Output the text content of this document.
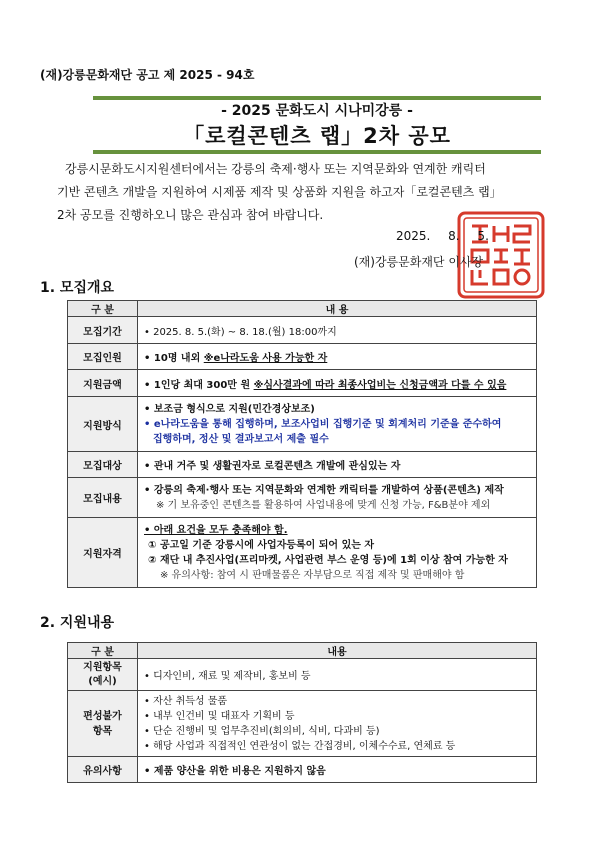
(재)강릉문화재단 공고 제 2025 - 94호
- 2025 문화도시 시나미강릉 -
「로컬콘텐츠 랩」2차 공모
강릉시문화도시지원센터에서는 강릉의 축제·행사 또는 지역문화와 연계한 캐릭터
기반 콘텐츠 개발을 지원하여 시제품 제작 및 상품화 지원을 하고자「로컬콘텐츠 랩」
2차 공모를 진행하오니 많은 관심과 참여 바랍니다.
2025. 8. 5.
(재)강릉문화재단 이사장
1. 모집개요
구 분	내 용
모집기간	• 2025. 8. 5.(화) ~ 8. 18.(월) 18:00까지
모집인원	• 10명 내외 ※e나라도움 사용 가능한 자
지원금액	• 1인당 최대 300만 원 ※심사결과에 따라 최종사업비는 신청금액과 다를 수 있음
지원방식	• 보조금 형식으로 지원(민간경상보조)
• e나라도움을 통해 집행하며, 보조사업비 집행기준 및 회계처리 기준을 준수하여
집행하며, 정산 및 결과보고서 제출 필수

모집대상	• 관내 거주 및 생활권자로 로컬콘텐츠 개발에 관심있는 자
모집내용	• 강릉의 축제·행사 또는 지역문화와 연계한 캐릭터를 개발하여 상품(콘텐츠) 제작
※ 기 보유중인 콘텐츠를 활용하여 사업내용에 맞게 신청 가능, F&B분야 제외

지원자격	• 아래 요건을 모두 충족해야 함.
① 공고일 기준 강릉시에 사업자등록이 되어 있는 자
② 재단 내 추진사업(프리마켓, 사업관련 부스 운영 등)에 1회 이상 참여 가능한 자
※ 유의사항: 참여 시 판매물품은 자부담으로 직접 제작 및 판매해야 함
2. 지원내용
구 분	내용

지원항목
(예시)	• 디자인비, 재료 및 제작비, 홍보비 등

편성불가
항목	• 자산 취득성 물품
• 내부 인건비 및 대표자 기획비 등
• 단순 진행비 및 업무추진비(회의비, 식비, 다과비 등)
• 해당 사업과 직접적인 연관성이 없는 간접경비, 이체수수료, 연체료 등

유의사항	• 제품 양산을 위한 비용은 지원하지 않음
